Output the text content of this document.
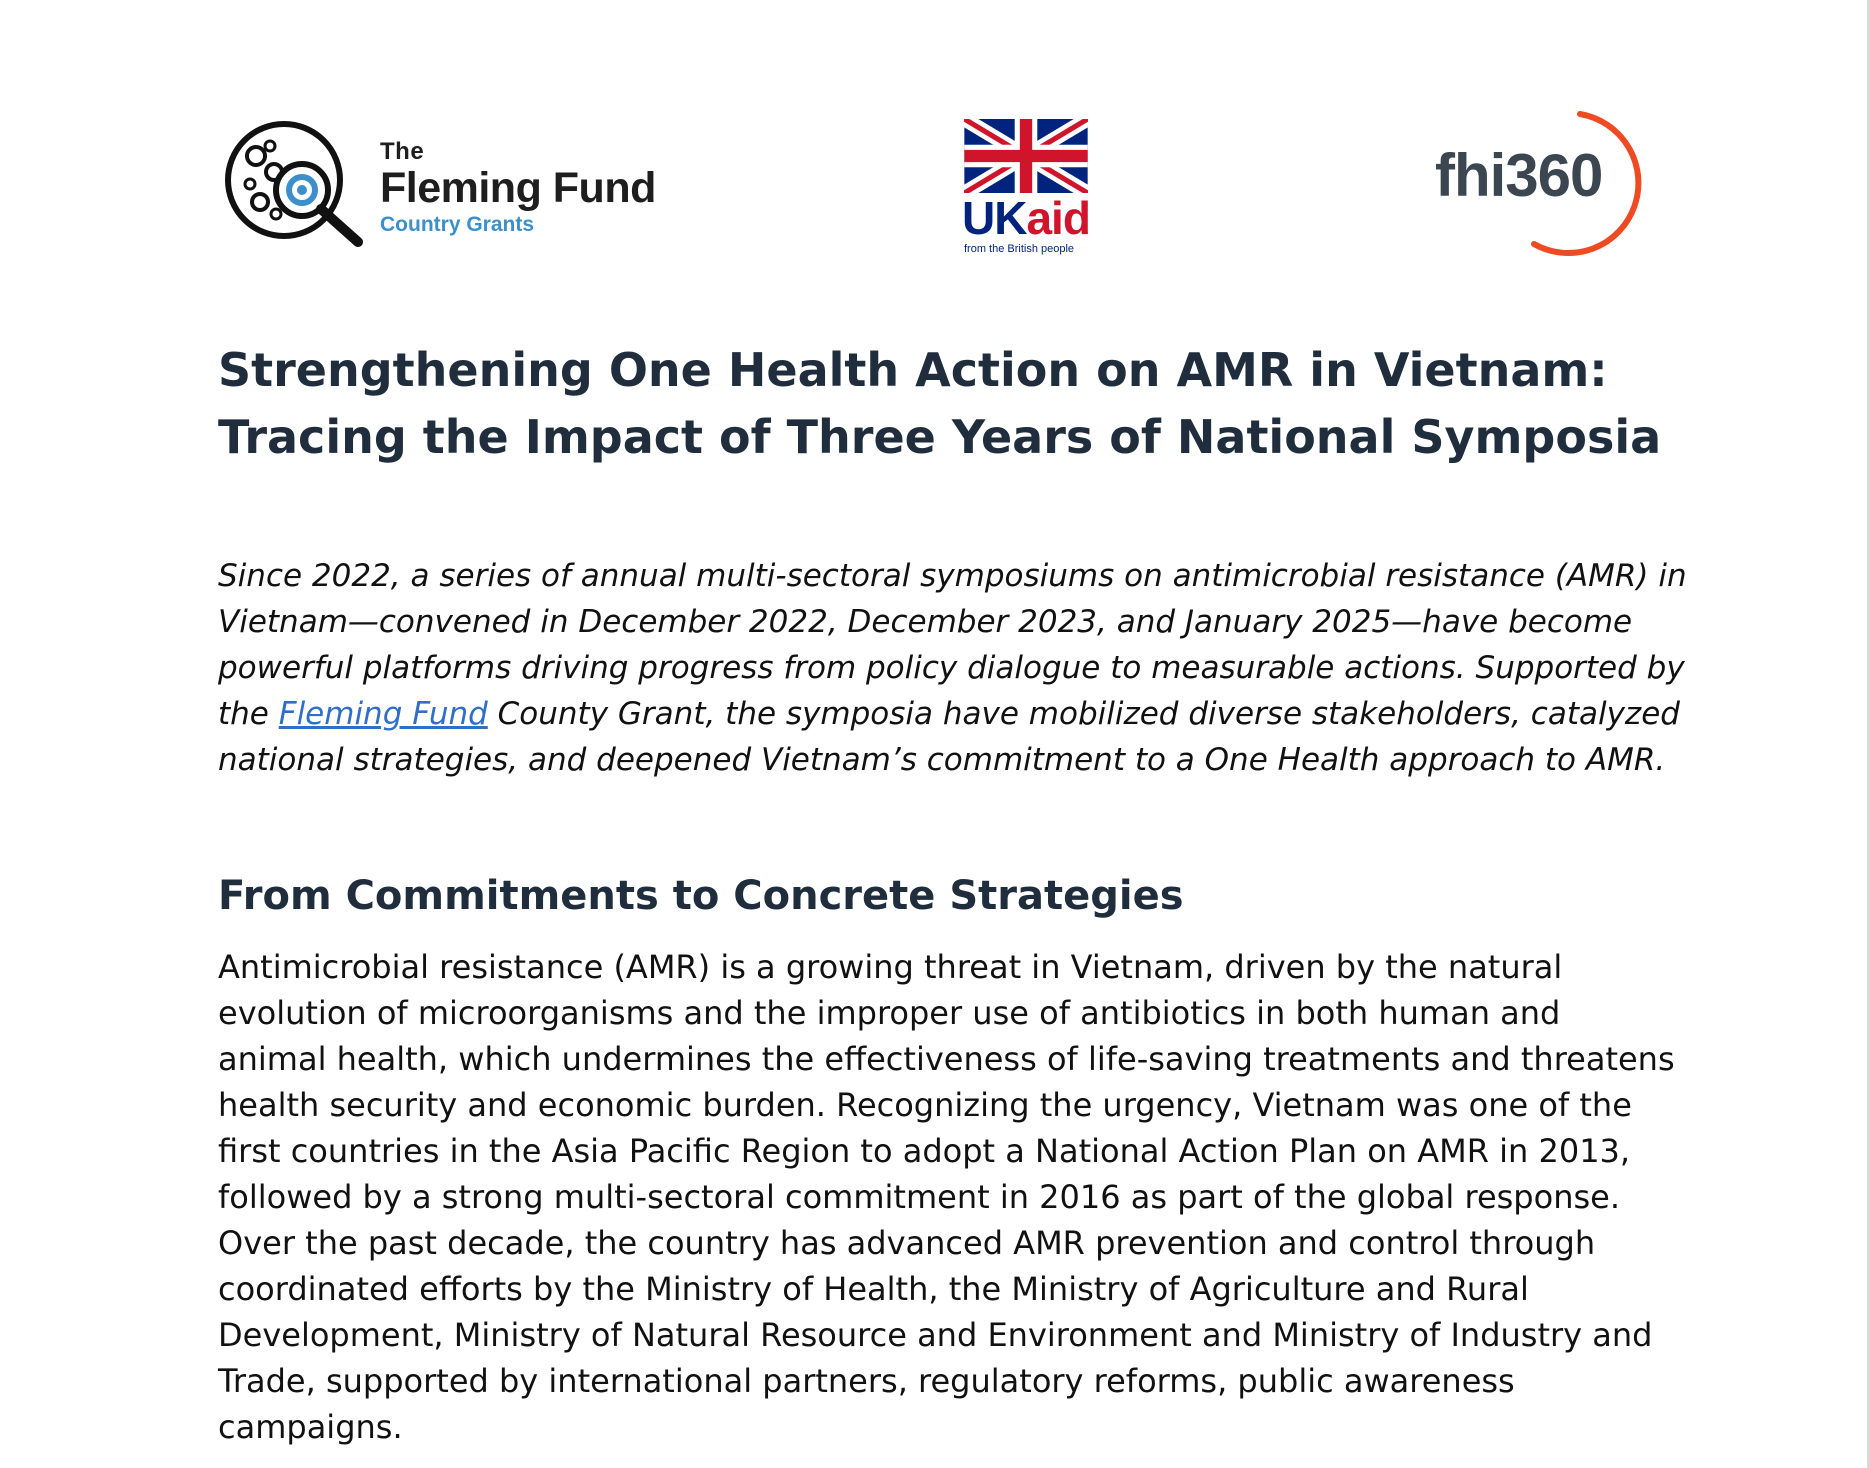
The
Fleming Fund
Country Grants	UKaid
from the British people
fhi360
Strengthening One Health Action on AMR in Vietnam:
Tracing the Impact of Three Years of National Symposia

Since 2022, a series of annual multi-sectoral symposiums on antimicrobial resistance (AMR) in
Vietnam—convened in December 2022, December 2023, and January 2025—have become
powerful platforms driving progress from policy dialogue to measurable actions. Supported by
the Fleming Fund County Grant, the symposia have mobilized diverse stakeholders, catalyzed
national strategies, and deepened Vietnam’s commitment to a One Health approach to AMR.

From Commitments to Concrete Strategies

Antimicrobial resistance (AMR) is a growing threat in Vietnam, driven by the natural
evolution of microorganisms and the improper use of antibiotics in both human and
animal health, which undermines the effectiveness of life-saving treatments and threatens
health security and economic burden. Recognizing the urgency, Vietnam was one of the
first countries in the Asia Pacific Region to adopt a National Action Plan on AMR in 2013,
followed by a strong multi-sectoral commitment in 2016 as part of the global response.
Over the past decade, the country has advanced AMR prevention and control through
coordinated efforts by the Ministry of Health, the Ministry of Agriculture and Rural
Development, Ministry of Natural Resource and Environment and Ministry of Industry and
Trade, supported by international partners, regulatory reforms, public awareness
campaigns.
